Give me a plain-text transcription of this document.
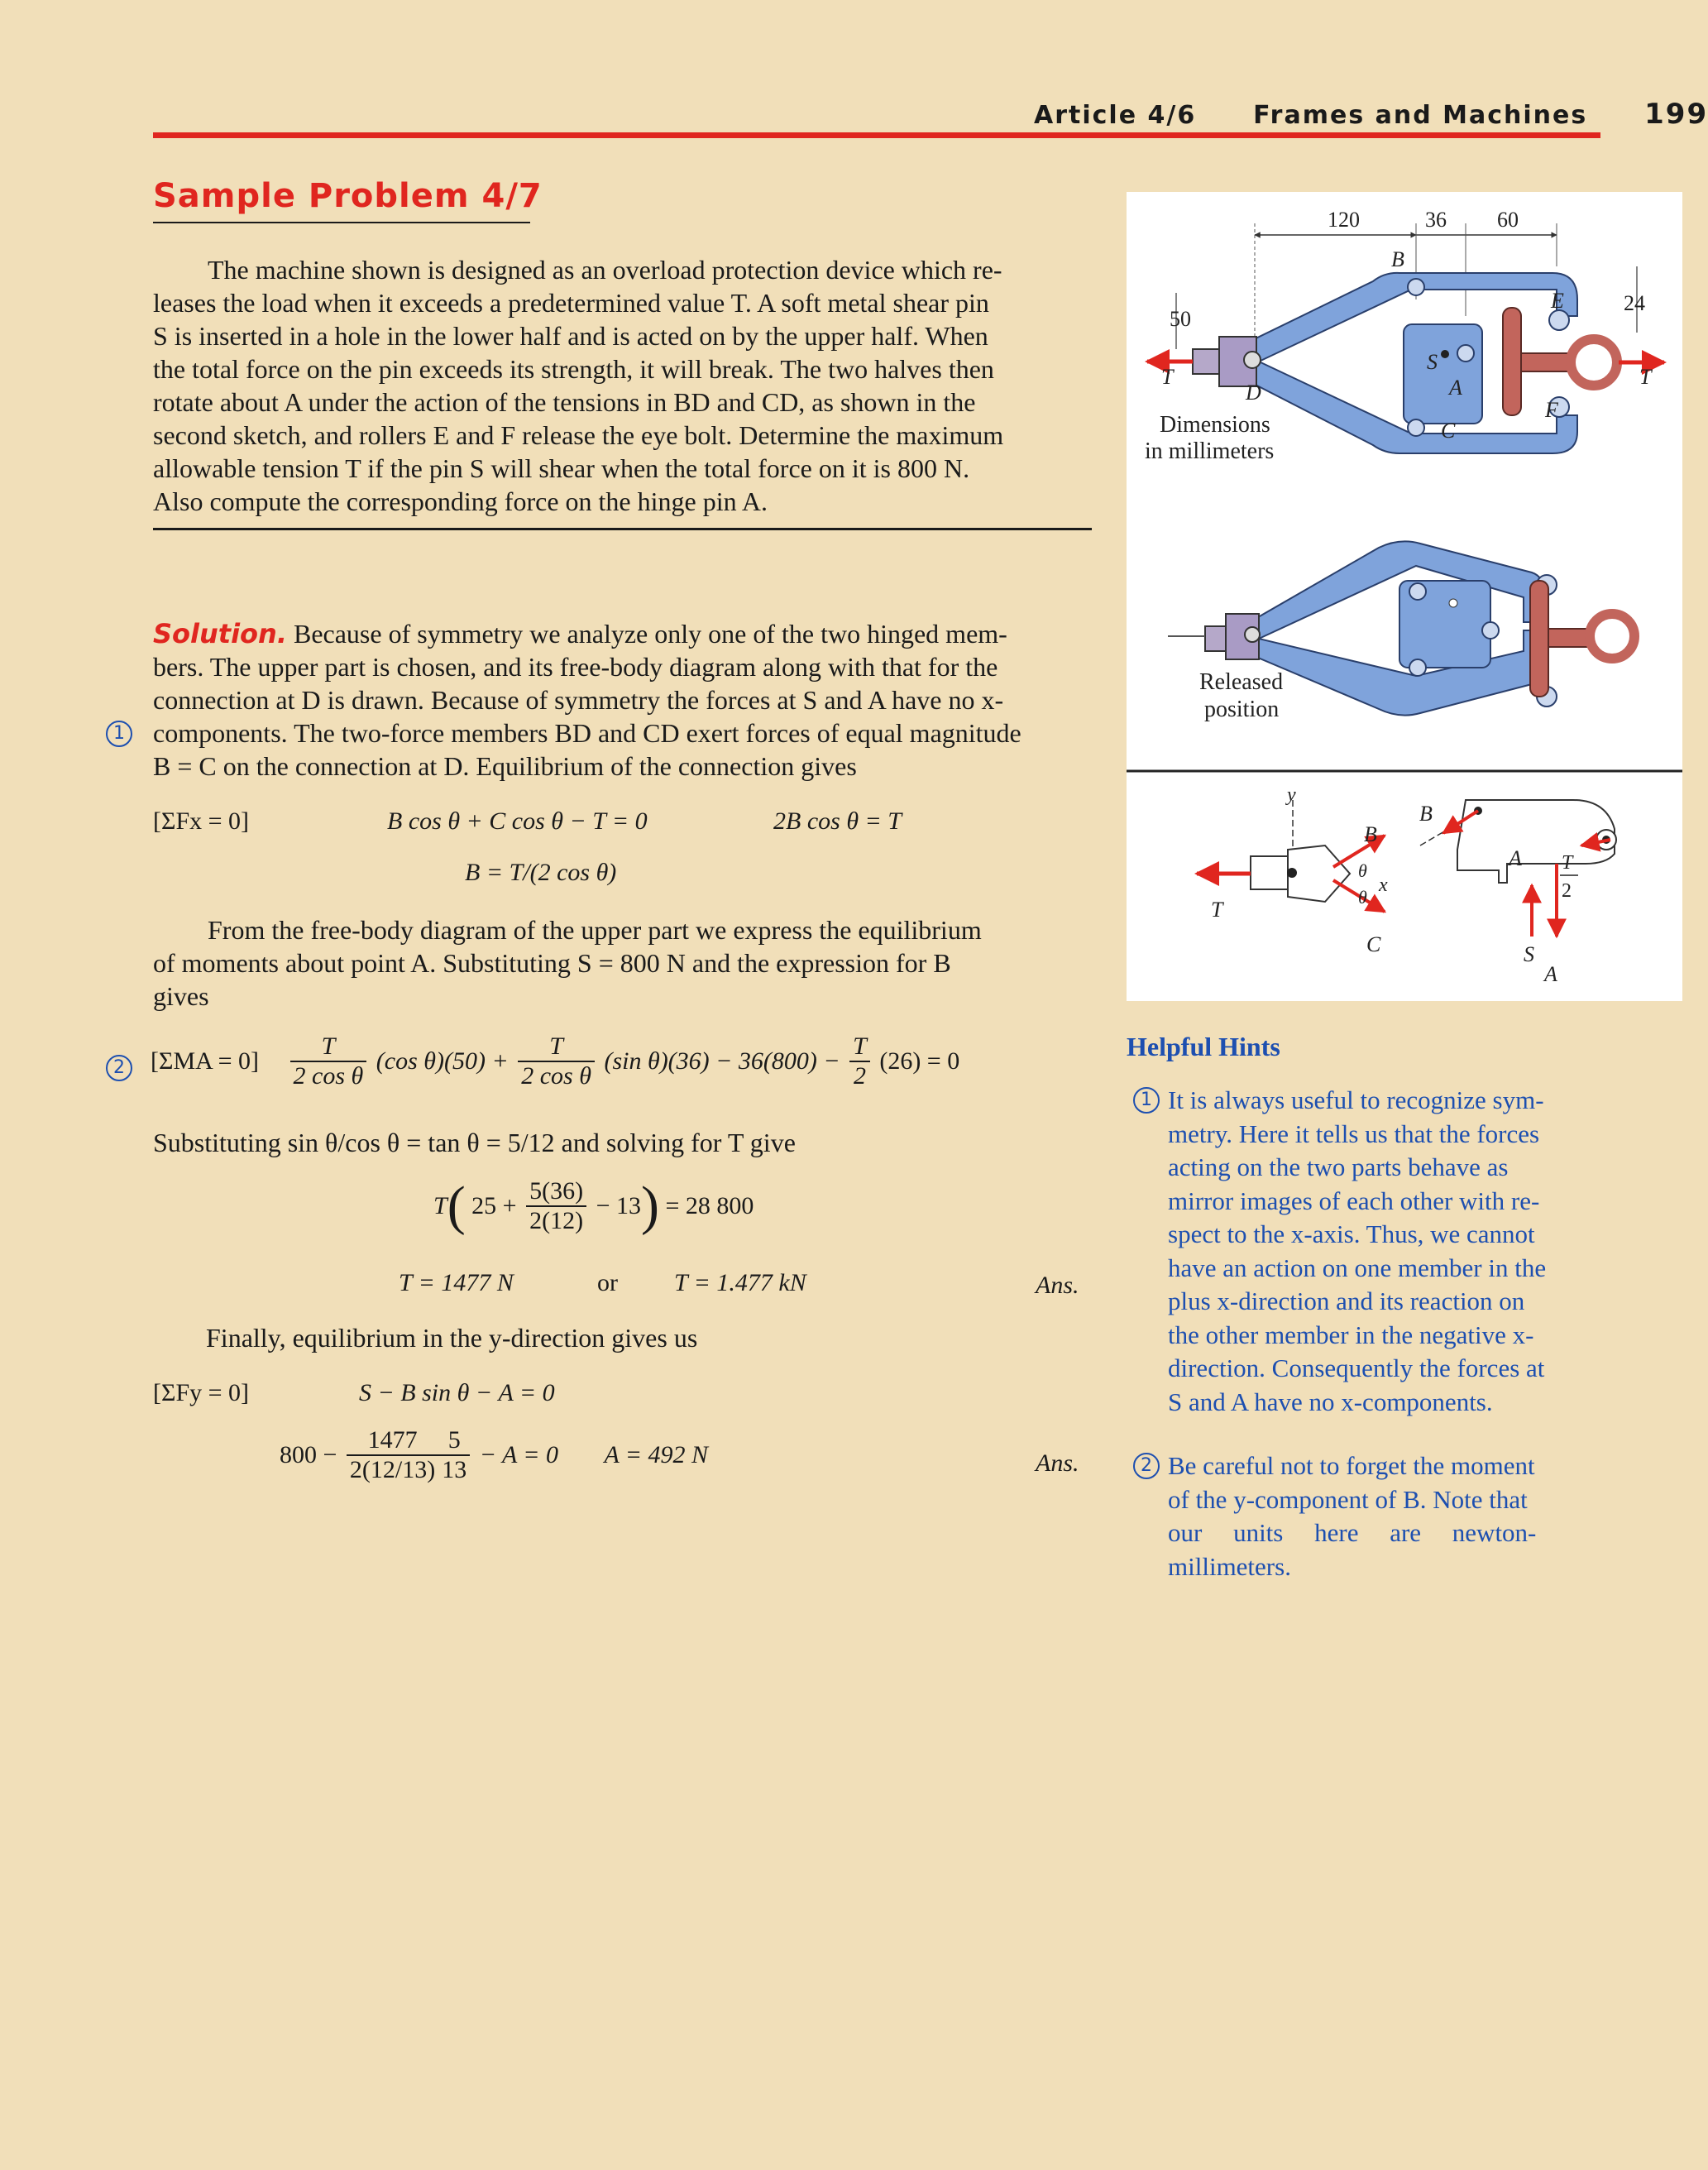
Article 4/6 Frames and Machines 199
Sample Problem 4/7
The machine shown is designed as an overload protection device which re-
leases the load when it exceeds a predetermined value T. A soft metal shear pin
S is inserted in a hole in the lower half and is acted on by the upper half. When
the total force on the pin exceeds its strength, it will break. The two halves then
rotate about A under the action of the tensions in BD and CD, as shown in the
second sketch, and rollers E and F release the eye bolt. Determine the maximum
allowable tension T if the pin S will shear when the total force on it is 800 N.
Also compute the corresponding force on the hinge pin A.
Solution. Because of symmetry we analyze only one of the two hinged mem-
bers. The upper part is chosen, and its free-body diagram along with that for the
connection at D is drawn. Because of symmetry the forces at S and A have no x-
components. The two-force members BD and CD exert forces of equal magnitude
B = C on the connection at D. Equilibrium of the connection gives
1
[ΣFx = 0]	B cos θ + C cos θ − T = 0	2B cos θ = T
B = T/(2 cos θ)
From the free-body diagram of the upper part we express the equilibrium
of moments about point A. Substituting S = 800 N and the expression for B
gives
2	$[\Sigma MA = 0] \frac{T}{\text{2 cos θ}} (\cos$ $\theta)(50) + \frac{T}{\text{2 cos θ}} (\sin$ $\theta)(36) - 36(800) - \frac{T}{2} (26) = 0$
Substituting sin θ/cos θ = tan θ = 5/12 and solving for T give
T( $25 + \frac{5(36)}{2(12)} - 13) = 28$ 800
T = 1477 N	or T = 1.477 kN	Ans.
Finally, equilibrium in the y-direction gives us
[ΣFy = 0]	S − B sin θ − A = 0
$800 - \frac{1477}{2(12/13)} \frac{5}{13} - A = 0$ A = 492 N	Ans.
120	36 60
24
50
B
E
S
A
F
C
D
T	T
Dimensions
in millimeters
Released
position
y
x
T
B
C
θ
θ
B
S
A
A T
2
Helpful Hints
1 It is always useful to recognize sym-
metry. Here it tells us that the forces
acting on the two parts behave as
mirror images of each other with re-
spect to the x-axis. Thus, we cannot
have an action on one member in the
plus x-direction and its reaction on
the other member in the negative x-
direction. Consequently the forces at
S and A have no x-components.
2 Be careful not to forget the moment
of the y-component of B. Note that
our units here are newton-
millimeters.
